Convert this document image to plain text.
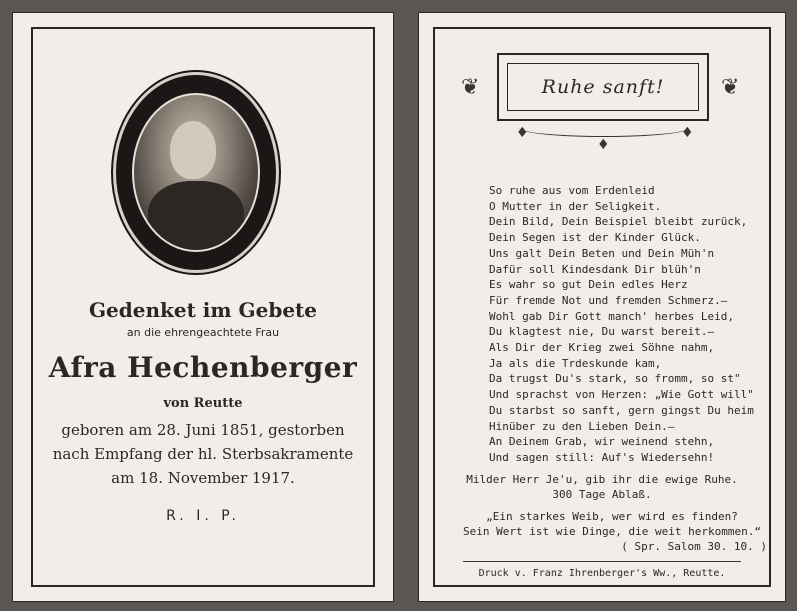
Gedenket im Gebete
an die ehrengeachtete Frau
Afra Hechenberger
von Reutte
geboren am 28. Juni 1851, gestorben
nach Empfang der hl. Sterbsakramente
am 18. November 1917.
R. I. P.
❦	❦
♦
♦
♦
Ruhe sanft!
So ruhe aus vom Erdenleid
O Mutter in der Seligkeit.
Dein Bild, Dein Beispiel bleibt zurück,
Dein Segen ist der Kinder Glück.
Uns galt Dein Beten und Dein Müh'n
Dafür soll Kindesdank Dir blüh'n
Es wahr so gut Dein edles Herz
Für fremde Not und fremden Schmerz.—
Wohl gab Dir Gott manch' herbes Leid,
Du klagtest nie, Du warst bereit.—
Als Dir der Krieg zwei Söhne nahm,
Ja als die Trdeskunde kam,
Da trugst Du's stark, so fromm, so st"
Und sprachst von Herzen: „Wie Gott will"
Du starbst so sanft, gern gingst Du heim
Hinüber zu den Lieben Dein.—
An Deinem Grab, wir weinend stehn,
Und sagen still: Auf's Wiedersehn!
Milder Herr Je'u, gib ihr die ewige Ruhe.
300 Tage Ablaß.
„Ein starkes Weib, wer wird es finden?
Sein Wert ist wie Dinge, die weit herkommen.“
( Spr. Salom 30. 10. )
Druck v. Franz Ihrenberger's Ww., Reutte.
